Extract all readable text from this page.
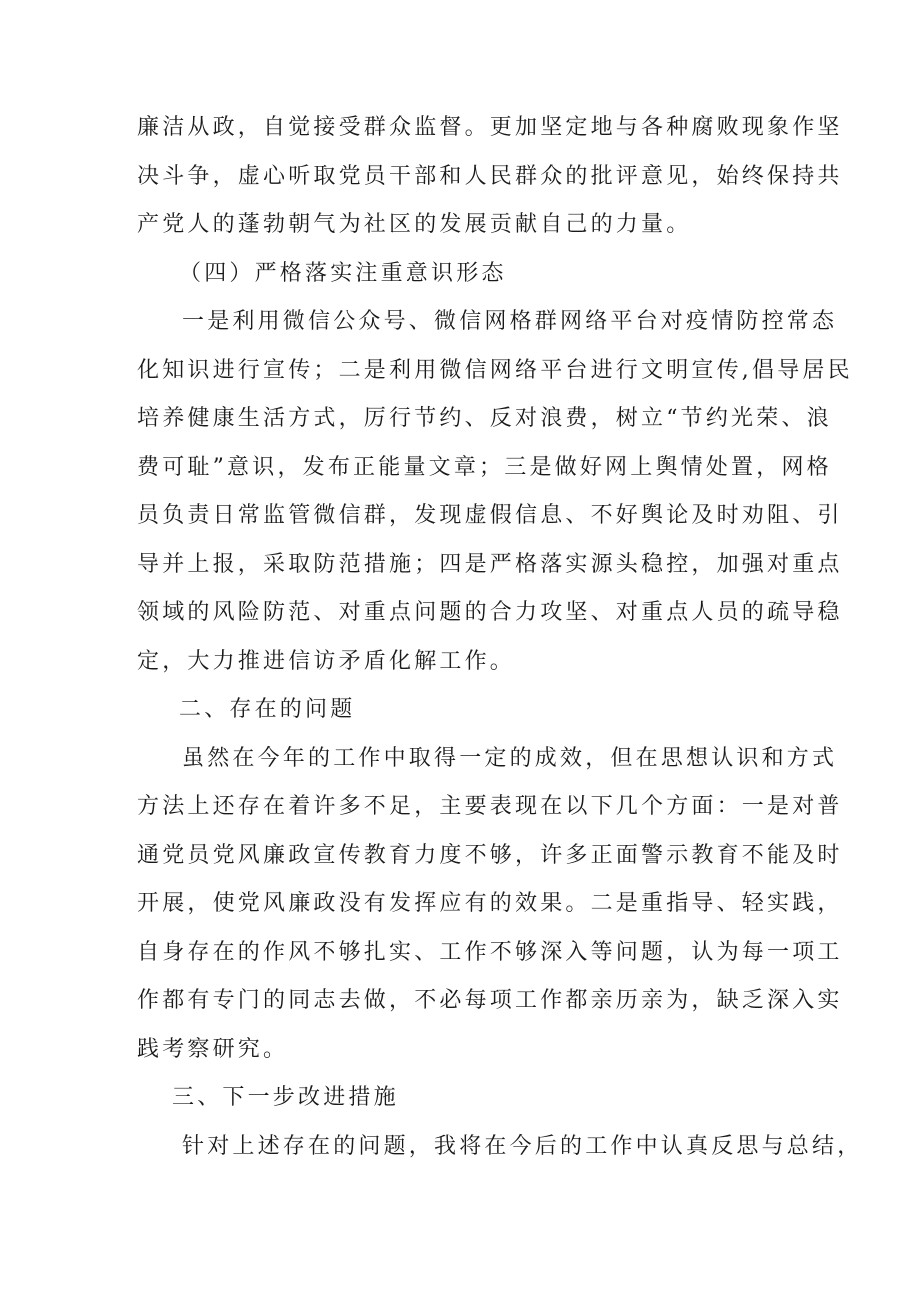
廉洁从政，自觉接受群众监督。更加坚定地与各种腐败现象作坚
决斗争，虚心听取党员干部和人民群众的批评意见，始终保持共
产党人的蓬勃朝气为社区的发展贡献自己的力量。
（四）严格落实注重意识形态
一是利用微信公众号、微信网格群网络平台对疫情防控常态
化知识进行宣传；二是利用微信网络平台进行文明宣传,倡导居民
培养健康生活方式，厉行节约、反对浪费，树立“节约光荣、浪
费可耻”意识，发布正能量文章；三是做好网上舆情处置，网格
员负责日常监管微信群，发现虚假信息、不好舆论及时劝阻、引
导并上报，采取防范措施；四是严格落实源头稳控，加强对重点
领域的风险防范、对重点问题的合力攻坚、对重点人员的疏导稳
定，大力推进信访矛盾化解工作。
二、存在的问题
虽然在今年的工作中取得一定的成效，但在思想认识和方式
方法上还存在着许多不足，主要表现在以下几个方面：一是对普
通党员党风廉政宣传教育力度不够，许多正面警示教育不能及时
开展，使党风廉政没有发挥应有的效果。二是重指导、轻实践，
自身存在的作风不够扎实、工作不够深入等问题，认为每一项工
作都有专门的同志去做，不必每项工作都亲历亲为，缺乏深入实
践考察研究。
三、下一步改进措施
针对上述存在的问题，我将在今后的工作中认真反思与总结，
